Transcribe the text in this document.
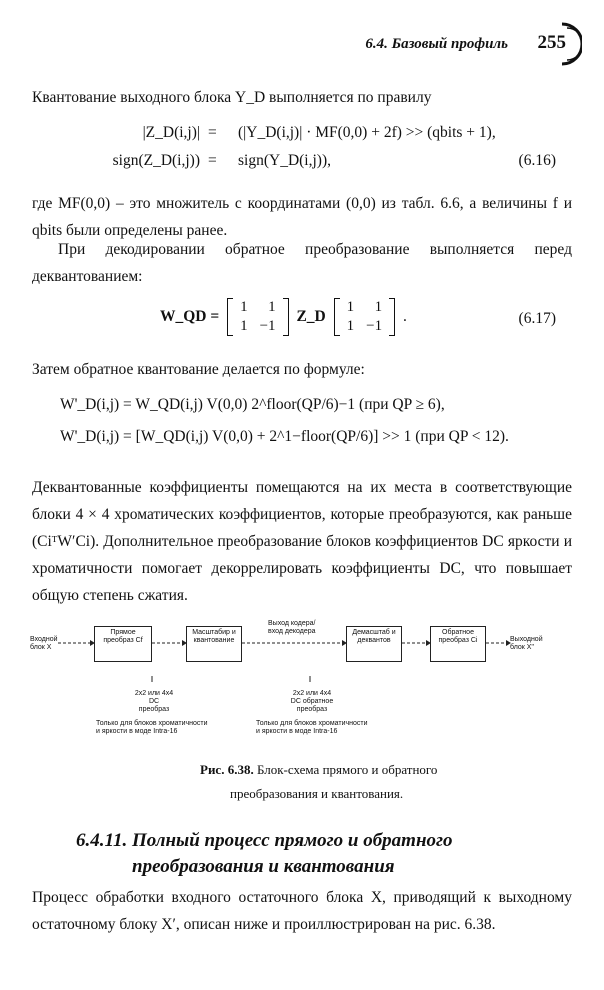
6.4. Базовый профиль 255
Квантование выходного блока Y_D выполняется по правилу
|Z_D(i,j)| = (|Y_D(i,j)| · MF(0,0) + 2f) >> (qbits + 1),
sign(Z_D(i,j)) = sign(Y_D(i,j)),	(6.16)
где MF(0,0) – это множитель с координатами (0,0) из табл. 6.6, а величины f и qbits были определены ранее.
При декодировании обратное преобразование выполняется перед деквантованием:
W_QD =
1	1
1	−1
Z_D
1	1
1	−1
.	(6.17)
Затем обратное квантование делается по формуле:
W'_D(i,j) = W_QD(i,j) V(0,0) 2^floor(QP/6)−1 (при QP ≥ 6),
W'_D(i,j) = [W_QD(i,j) V(0,0) + 2^1−floor(QP/6)] >> 1 (при QP < 12).
Деквантованные коэффициенты помещаются на их места в соответствующие блоки 4 × 4 хроматических коэффициентов, которые преобразуются, как раньше (CiᵀW′Ci). Дополнительное преобразование блоков коэффициентов DC яркости и хроматичности помогает декоррелировать коэффициенты DC, что повышает общую степень сжатия.
Входной блок X
Прямое преобраз Cf
Масштабир и квантование
Выход кодера/ вход декодера	Демасштаб и деквантов
Обратное преобраз Ci	Выходной блок X''
2x2 или 4x4
DC
преобраз
Только для блоков хроматичности
и яркости в моде Intra-16
2x2 или 4x4
DC обратное
преобраз
Только для блоков хроматичности
и яркости в моде Intra-16
Рис. 6.38. Блок-схема прямого и обратного
преобразования и квантования.
6.4.11. Полный процесс прямого и обратного
преобразования и квантования
Процесс обработки входного остаточного блока X, приводящий к выходному остаточному блоку X′, описан ниже и проиллюстрирован на рис. 6.38.
